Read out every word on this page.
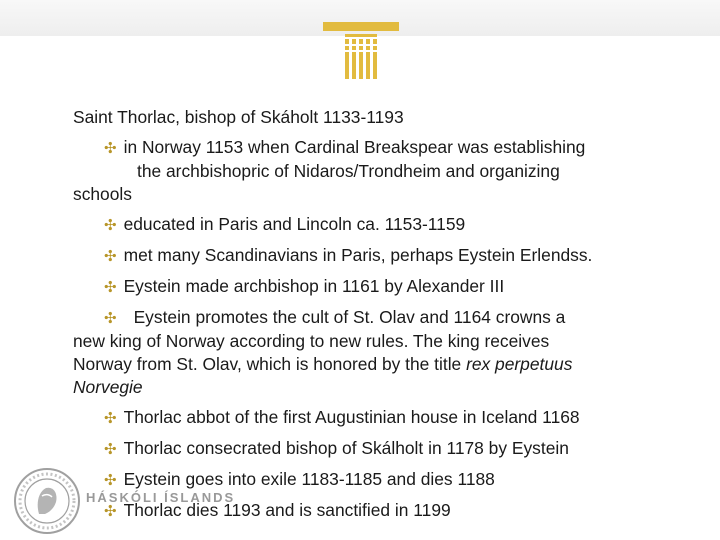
Saint Thorlac, bishop of Skáholt 1133-1193

✣ in Norway 1153 when Cardinal Breakspear was establishing

the archbishopric of Nidaros/Trondheim and organizing

schools

✣ educated in Paris and Lincoln ca. 1153-1159

✣ met many Scandinavians in Paris, perhaps Eystein Erlendss.

✣ Eystein made archbishop in 1161 by Alexander III

✣ Eystein promotes the cult of St. Olav and 1164 crowns a

new king of Norway according to new rules. The king receives

Norway from St. Olav, which is honored by the title rex perpetuus

Norvegie

✣ Thorlac abbot of the first Augustinian house in Iceland 1168

✣ Thorlac consecrated bishop of Skálholt in 1178 by Eystein

✣ Eystein goes into exile 1183-1185 and dies 1188

✣ Thorlac dies 1193 and is sanctified in 1199

HÁSKÓLI ÍSLANDS
